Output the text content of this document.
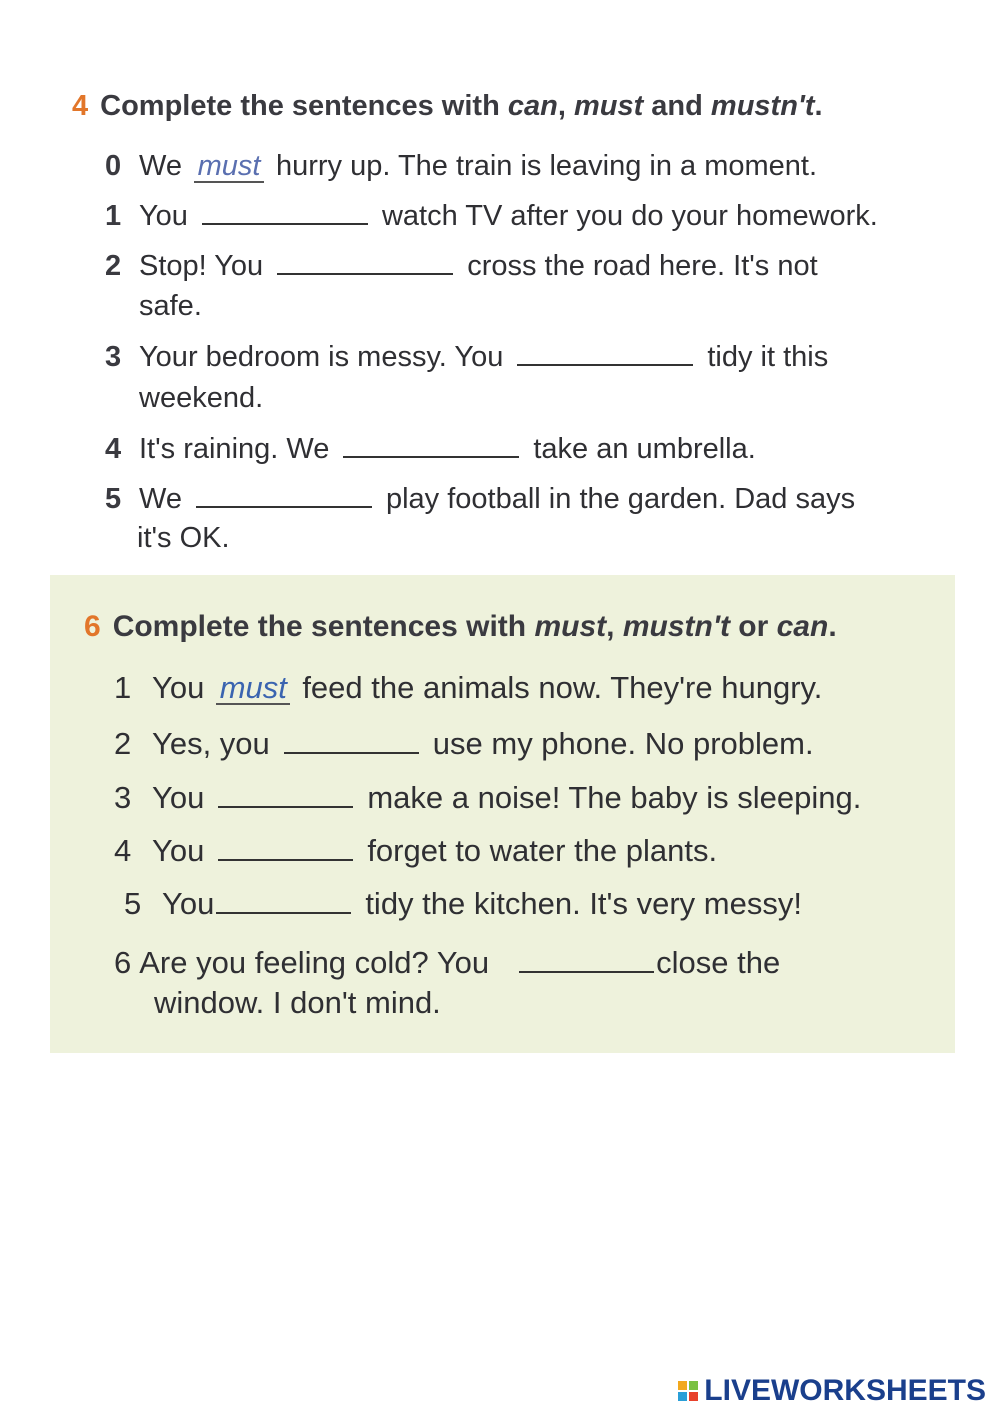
4 Complete the sentences with can, must and mustn't.
0 We must hurry up. The train is leaving in a moment.
1 You	watch TV after you do your homework.
2 Stop! You	cross the road here. It's not
safe.
3 Your bedroom is messy. You	tidy it this
weekend.
4 It's raining. We	take an umbrella.
5 We	play football in the garden. Dad says
it's OK.
6 Complete the sentences with must, mustn't or can.
1 You must feed the animals now. They're hungry.
2 Yes, you	use my phone. No problem.
3 You	make a noise! The baby is sleeping.
4 You	forget to water the plants.
5 You	tidy the kitchen. It's very messy!
6 Are you feeling cold? You	close the
window. I don't mind.
LIVEWORKSHEETS
